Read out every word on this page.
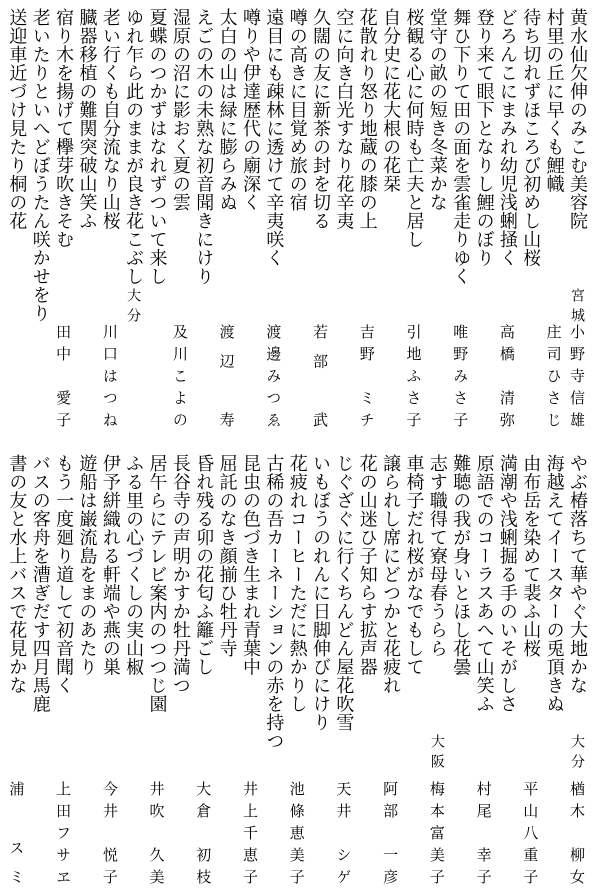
黄水仙欠伸のみこむ美容院
宮城
小野寺信雄
村里の丘に早くも鯉幟
庄司ひさじ
待ち切れずほころび初めし山桜
どろんこにまみれ幼児浅蜊掻く
高橋　清弥
登り来て眼下となりし鯉のぼり
舞ひ下りて田の面を雲雀走りゆく
唯野みさ子
堂守の畝の短き冬菜かな
桜観る心に何時も亡夫と居し
引地ふさ子
自分史に花大根の花栞
花散れり怒り地蔵の膝の上
吉野　ミチ
空に向き白光すなり花辛夷
久闊の友に新茶の封を切る
若部　武
噂の高きに目覚め旅の宿
遠目にも疎林に透けて辛夷咲く
渡邊みつゑ
噂りや伊達歴代の廟深く
太白の山は緑に膨らみぬ
渡辺　寿
えごの木の未熟な初音聞きにけり
湿原の沼に影おく夏の雲
及川こよの
夏蝶のつかずはなれずついて来し
ゆれ乍ら此のままが良き花こぶし
大分
老い行くも自分流なり山桜
川口はつね
臓器移植の難関突破山笑ふ
宿り木を揚げて欅芽吹きそむ
田中　愛子
老いたりといへどぼうたん咲かせをり
送迎車近づけ見たり桐の花
やぶ椿落ちて華やぐ大地かな
大分
楢木　柳女
海越えてイースターの兎頂きぬ
由布岳を染めて裴ふ山桜
平山八重子
満潮や浅蜊掘る手のいそがしさ
原語でのコーラスあへて山笑ふ
村尾　幸子
難聴の我が身いとほし花曇
志す職得て寮母春うらら
大阪
梅本富美子
車椅子だれ桜がなでもして
譲られし席にどつかと花疲れ
阿部　一彦
花の山迷ひ子知らす拡声器
じぐざぐに行くちんどん屋花吹雪
天井　シゲ
いもぼうのれんに日脚伸びにけり
花疲れコーヒーただに熱かりし
池條恵美子
古稀の吾カーネーションの赤を持つ
昆虫の色づき生まれ青葉中
井上千恵子
屈託のなき顔揃ひ牡丹寺
昏れ残る卯の花匂ふ籬ごし
大倉　初枝
長谷寺の声明かすか牡丹満つ
居午らにテレビ案内のつつじ園
井吹　久美
ふる里の心づくしの実山椒
伊予絣織れる軒端や燕の巣
今井　悦子
遊船は巌流島をまのあたり
もう一度廻り道して初音聞く
上田フサヱ
バスの客舟を漕ぎだす四月馬鹿
書の友と水上バスで花見かな
浦　スミ
